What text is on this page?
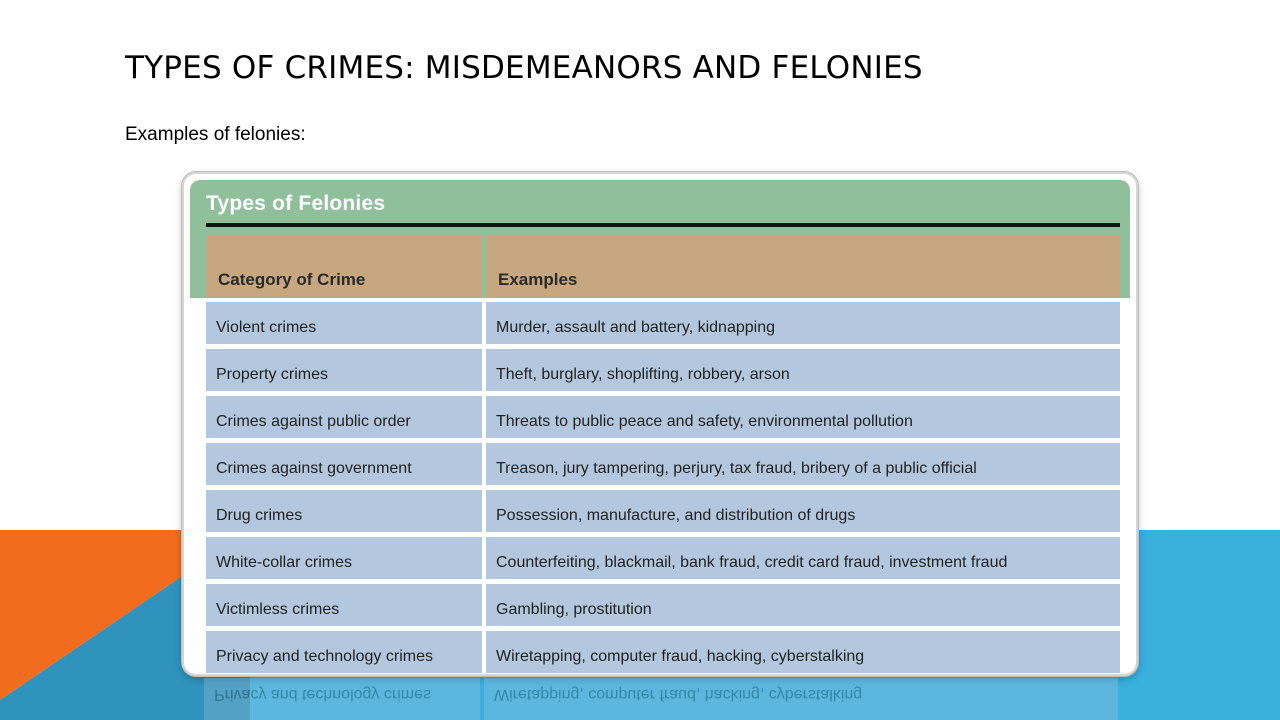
TYPES OF CRIMES: MISDEMEANORS AND FELONIES
Examples of felonies:
Types of Felonies
Category of Crime	Examples
Violent crimes	Murder, assault and battery, kidnapping
Property crimes	Theft, burglary, shoplifting, robbery, arson
Crimes against public order	Threats to public peace and safety, environmental pollution
Crimes against government	Treason, jury tampering, perjury, tax fraud, bribery of a public official
Drug crimes	Possession, manufacture, and distribution of drugs
White-collar crimes	Counterfeiting, blackmail, bank fraud, credit card fraud, investment fraud
Victimless crimes	Gambling, prostitution
Privacy and technology crimes	Wiretapping, computer fraud, hacking, cyberstalking
Privacy and technology crimes	Wiretapping, computer fraud, hacking, cyberstalking
